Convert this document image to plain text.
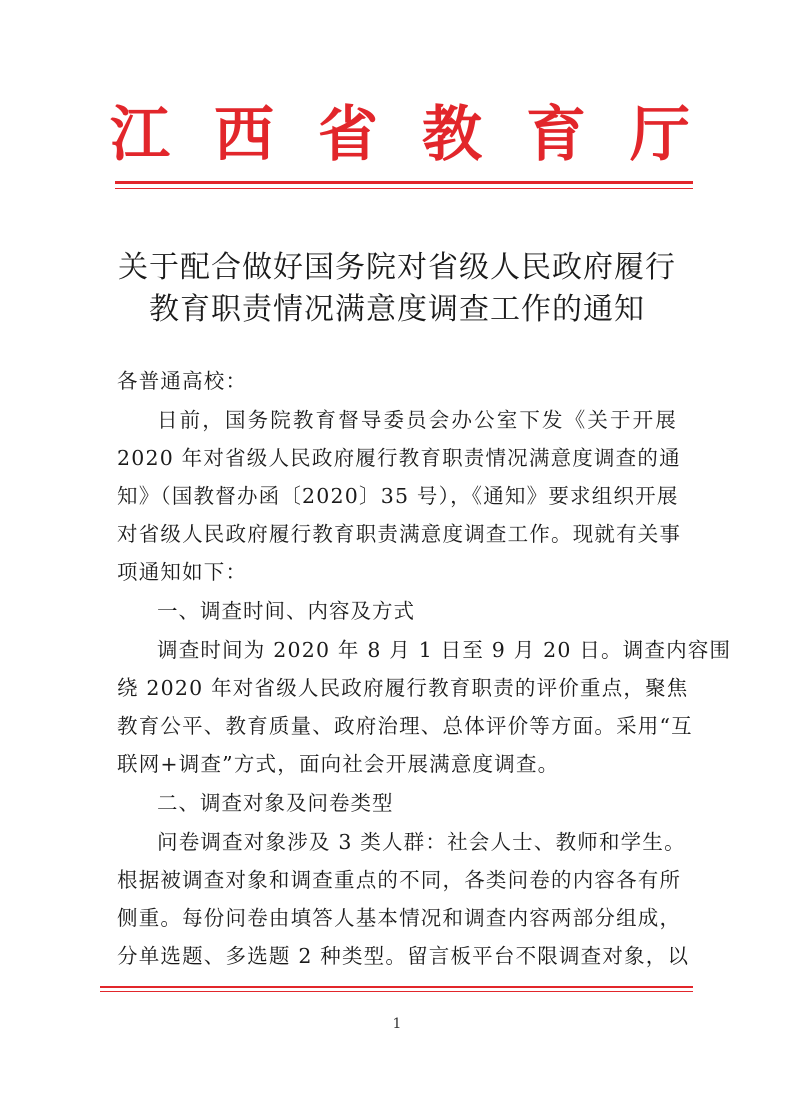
江 西 省 教 育 厅
关于配合做好国务院对省级人民政府履行
教育职责情况满意度调查工作的通知
各普通高校：
日前，国务院教育督导委员会办公室下发《关于开展
2020 年对省级人民政府履行教育职责情况满意度调查的通
知》（国教督办函〔2020〕35 号），《通知》要求组织开展
对省级人民政府履行教育职责满意度调查工作。现就有关事
项通知如下：
一、调查时间、内容及方式
调查时间为 2020 年 8 月 1 日至 9 月 20 日。调查内容围
绕 2020 年对省级人民政府履行教育职责的评价重点，聚焦
教育公平、教育质量、政府治理、总体评价等方面。采用“互
联网+调查”方式，面向社会开展满意度调查。
二、调查对象及问卷类型
问卷调查对象涉及 3 类人群：社会人士、教师和学生。
根据被调查对象和调查重点的不同，各类问卷的内容各有所
侧重。每份问卷由填答人基本情况和调查内容两部分组成，
分单选题、多选题 2 种类型。留言板平台不限调查对象，以
1
